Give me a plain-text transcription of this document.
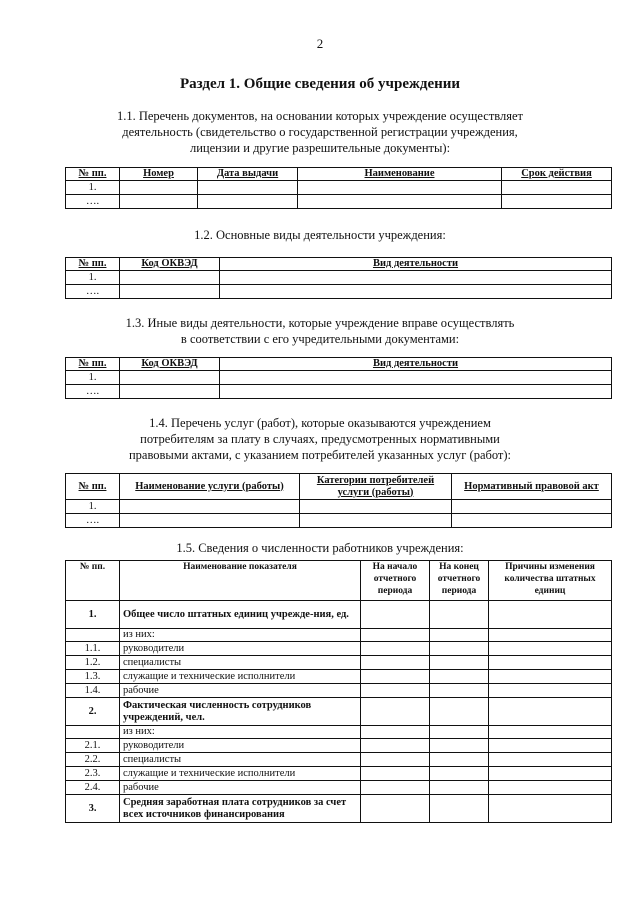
2
Раздел 1. Общие сведения об учреждении
1.1. Перечень документов, на основании которых учреждение осуществляет
деятельность (свидетельство о государственной регистрации учреждения,
лицензии и другие разрешительные документы):
№ пп.	Номер	Дата выдачи	Наименование	Срок действия
1.				
….				
1.2. Основные виды деятельности учреждения:
№ пп.	Код ОКВЭД	Вид деятельности
1.		
….		
1.3. Иные виды деятельности, которые учреждение вправе осуществлять
в соответствии с его учредительными документами:
№ пп.	Код ОКВЭД	Вид деятельности
1.		
….		
1.4. Перечень услуг (работ), которые оказываются учреждением
потребителям за плату в случаях, предусмотренных нормативными
правовыми актами, с указанием потребителей указанных услуг (работ):
№ пп.	Наименование услуги (работы)	Категории потребителей услуги (работы)	Нормативный правовой акт
1.			
….			
1.5. Сведения о численности работников учреждения:
№ пп.	Наименование показателя	На начало отчетного периода	На конец отчетного периода	Причины изменения количества штатных единиц
1.	Общее число штатных единиц учрежде-ния, ед.			
	из них:			
1.1.	руководители			
1.2.	специалисты			
1.3.	служащие и технические исполнители			
1.4.	рабочие			
2.	Фактическая численность сотрудников учреждений, чел.			
	из них:			
2.1.	руководители			
2.2.	специалисты			
2.3.	служащие и технические исполнители			
2.4.	рабочие			
3.	Средняя заработная плата сотрудников за счет всех источников финансирования			
